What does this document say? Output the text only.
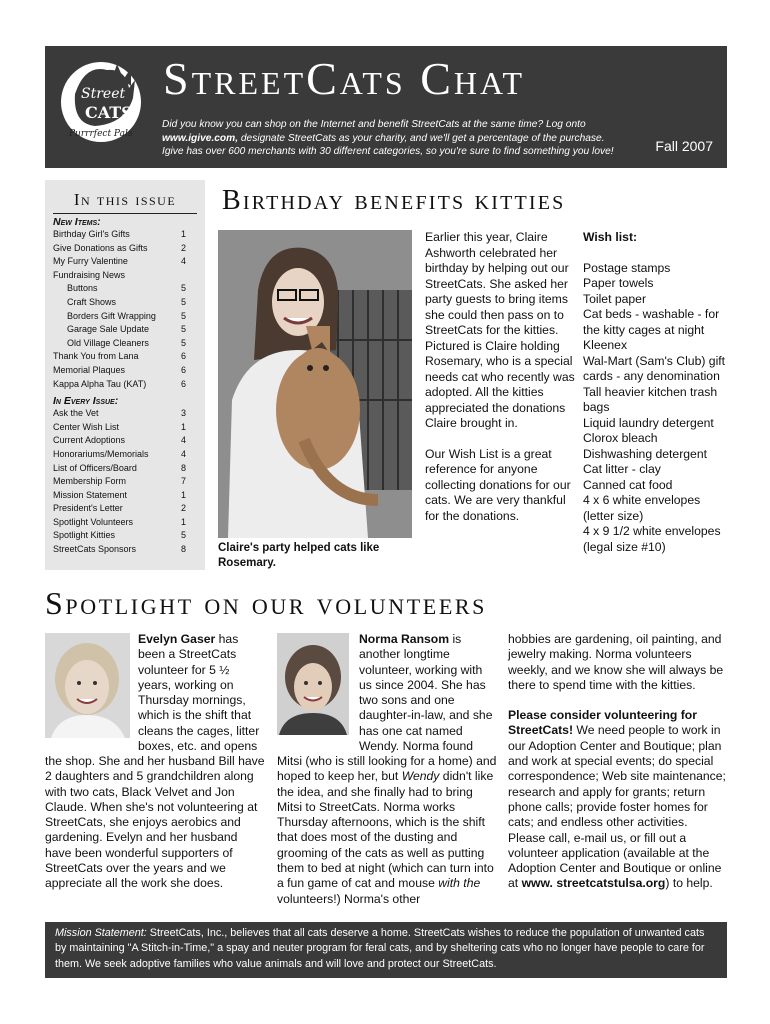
Street
CATS
Purrrfect Pals
StreetCats Chat
Did you know you can shop on the Internet and benefit StreetCats at the same time? Log onto
www.igive.com, designate StreetCats as your charity, and we'll get a percentage of the purchase.
Igive has over 600 merchants with 30 different categories, so you're sure to find something you love!	Fall 2007
In this issue
New Items:
Birthday Girl's Gifts	1
Give Donations as Gifts	2
My Furry Valentine	4
Fundraising News
Buttons	5
Craft Shows	5
Borders Gift Wrapping	5
Garage Sale Update	5
Old Village Cleaners	5
Thank You from Lana	6
Memorial Plaques	6
Kappa Alpha Tau (KAT)	6
In Every Issue:
Ask the Vet	3
Center Wish List	1
Current Adoptions	4
Honorariums/Memorials	4
List of Officers/Board	8
Membership Form	7
Mission Statement	1
President's Letter	2
Spotlight Volunteers	1
Spotlight Kitties	5
StreetCats Sponsors	8
Birthday benefits kitties
Claire's party helped cats like Rosemary.

Earlier this year, Claire Ashworth celebrated her birthday by helping out our StreetCats. She asked her party guests to bring items she could then pass on to StreetCats for the kitties. Pictured is Claire holding Rosemary, who is a special needs cat who recently was adopted. All the kitties appreciated the donations Claire brought in.

Our Wish List is a great reference for anyone collecting donations for our cats. We are very thankful for the donations.

Wish list:
Postage stamps
Paper towels
Toilet paper
Cat beds - washable - for the kitty cages at night
Kleenex
Wal-Mart (Sam's Club) gift cards - any denomination
Tall heavier kitchen trash bags
Liquid laundry detergent
Clorox bleach
Dishwashing detergent
Cat litter - clay
Canned cat food
4 x 6 white envelopes (letter size)
4 x 9 1/2 white envelopes (legal size #10)
Spotlight on our volunteers
Evelyn Gaser has been a StreetCats volunteer for 5 ½ years, working on Thursday mornings, which is the shift that cleans the cages, litter boxes, etc. and opens
the shop. She and her husband Bill have 2 daughters and 5 grandchildren along with two cats, Black Velvet and Jon Claude. When she's not volunteering at StreetCats, she enjoys aerobics and gardening. Evelyn and her husband have been wonderful supporters of StreetCats over the years and we appreciate all the work she does.
Norma Ransom is another longtime volunteer, working with us since 2004. She has two sons and one daughter-in-law, and she has one cat named Wendy. Norma found
Mitsi (who is still looking for a home) and hoped to keep her, but Wendy didn't like the idea, and she finally had to bring Mitsi to StreetCats. Norma works Thursday afternoons, which is the shift that does most of the dusting and grooming of the cats as well as putting them to bed at night (which can turn into a fun game of cat and mouse with the volunteers!) Norma's other

hobbies are gardening, oil painting, and jewelry making. Norma volunteers weekly, and we know she will always be there to spend time with the kitties.

Please consider volunteering for StreetCats! We need people to work in our Adoption Center and Boutique; plan and work at special events; do special correspondence; Web site maintenance; research and apply for grants; return phone calls; provide foster homes for cats; and endless other activities. Please call, e-mail us, or fill out a volunteer application (available at the Adoption Center and Boutique or online at www. streetcatstulsa.org) to help.

Mission Statement: StreetCats, Inc., believes that all cats deserve a home. StreetCats wishes to reduce the population of unwanted cats by maintaining "A Stitch-in-Time," a spay and neuter program for feral cats, and by sheltering cats who no longer have people to care for them. We seek adoptive families who value animals and will love and protect our StreetCats.
